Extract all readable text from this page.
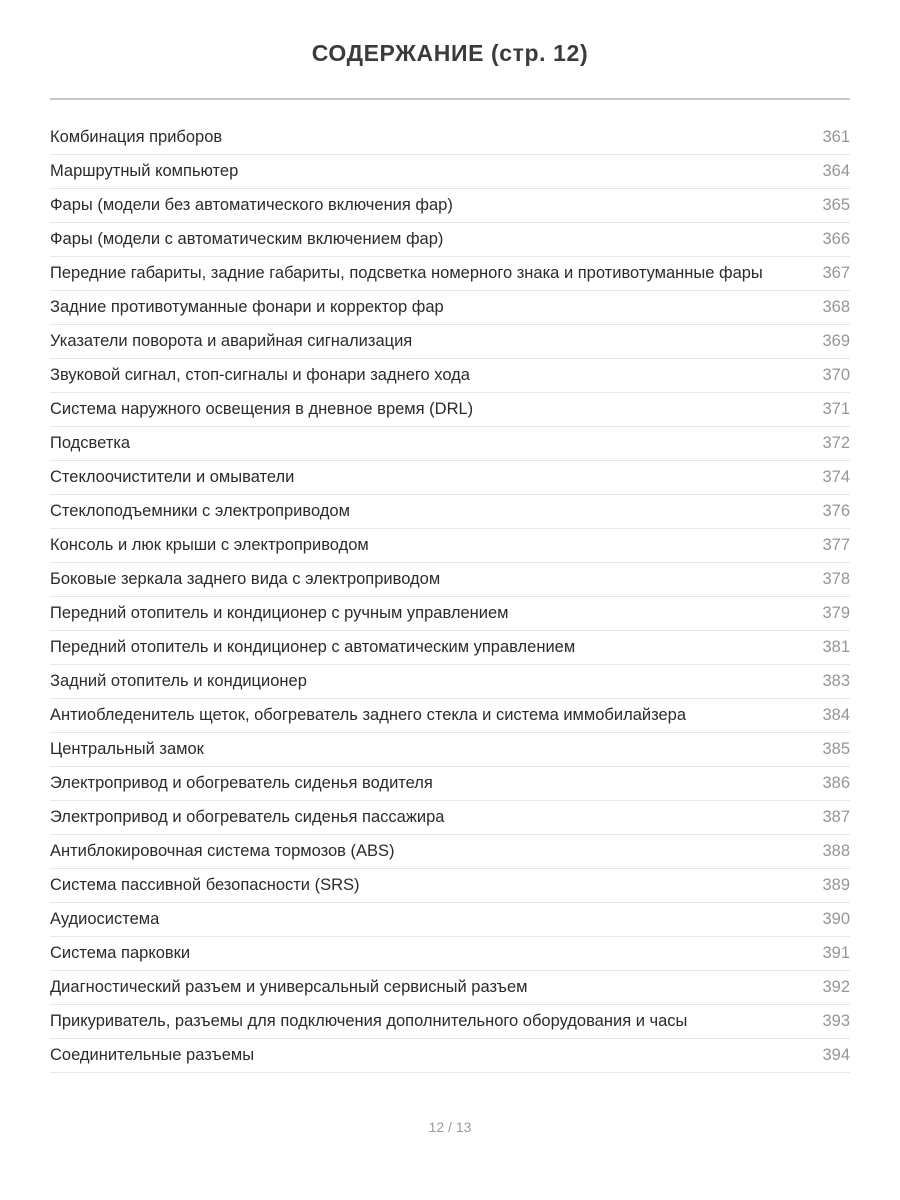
СОДЕРЖАНИЕ (стр. 12)
Комбинация приборов	361
Маршрутный компьютер	364
Фары (модели без автоматического включения фар)	365
Фары (модели с автоматическим включением фар)	366
Передние габариты, задние габариты, подсветка номерного знака и противотуманные фары	367
Задние противотуманные фонари и корректор фар	368
Указатели поворота и аварийная сигнализация	369
Звуковой сигнал, стоп-сигналы и фонари заднего хода	370
Система наружного освещения в дневное время (DRL)	371
Подсветка	372
Стеклоочистители и омыватели	374
Стеклоподъемники с электроприводом	376
Консоль и люк крыши с электроприводом	377
Боковые зеркала заднего вида с электроприводом	378
Передний отопитель и кондиционер с ручным управлением	379
Передний отопитель и кондиционер с автоматическим управлением	381
Задний отопитель и кондиционер	383
Антиобледенитель щеток, обогреватель заднего стекла и система иммобилайзера	384
Центральный замок	385
Электропривод и обогреватель сиденья водителя	386
Электропривод и обогреватель сиденья пассажира	387
Антиблокировочная система тормозов (ABS)	388
Система пассивной безопасности (SRS)	389
Аудиосистема	390
Система парковки	391
Диагностический разъем и универсальный сервисный разъем	392
Прикуриватель, разъемы для подключения дополнительного оборудования и часы	393
Соединительные разъемы	394
12 / 13
